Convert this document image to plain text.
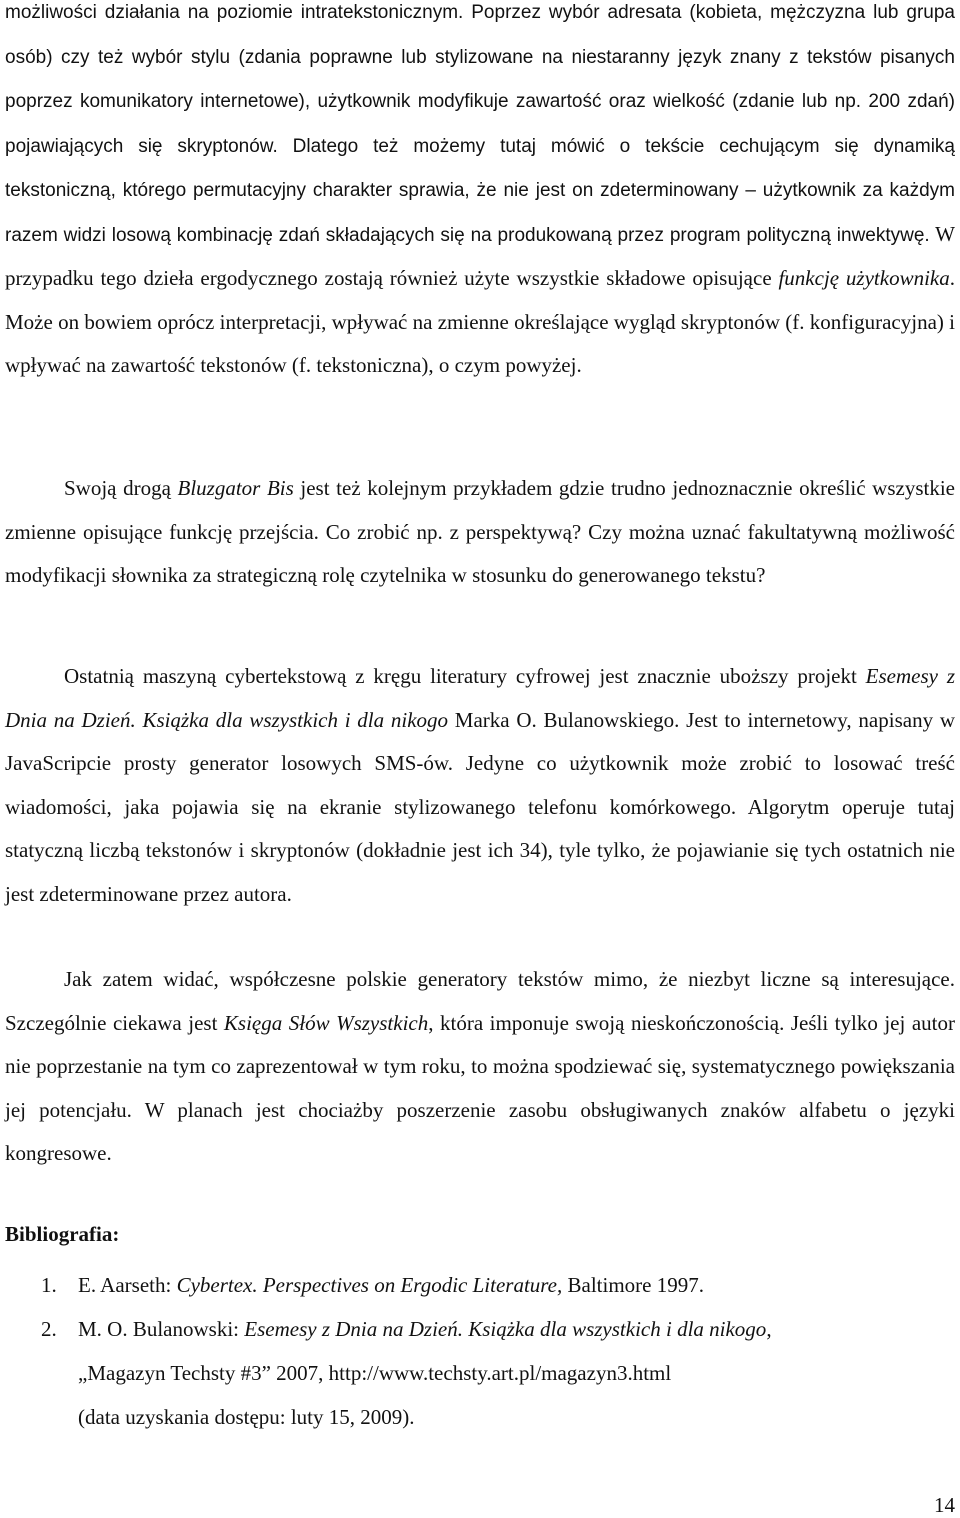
możliwości działania na poziomie intratekstonicznym. Poprzez wybór adresata (kobieta, mężczyzna lub grupa osób) czy też wybór stylu (zdania poprawne lub stylizowane na niestaranny język znany z tekstów pisanych poprzez komunikatory internetowe), użytkownik modyfikuje zawartość oraz wielkość (zdanie lub np. 200 zdań) pojawiających się skryptonów. Dlatego też możemy tutaj mówić o tekście cechującym się dynamiką tekstoniczną, którego permutacyjny charakter sprawia, że nie jest on zdeterminowany – użytkownik za każdym razem widzi losową kombinację zdań składających się na produkowaną przez program polityczną inwektywę. W przypadku tego dzieła ergodycznego zostają również użyte wszystkie składowe opisujące funkcję użytkownika. Może on bowiem oprócz interpretacji, wpływać na zmienne określające wygląd skryptonów (f. konfiguracyjna) i wpływać na zawartość tekstonów (f. tekstoniczna), o czym powyżej.

Swoją drogą Bluzgator Bis jest też kolejnym przykładem gdzie trudno jednoznacznie określić wszystkie zmienne opisujące funkcję przejścia. Co zrobić np. z perspektywą? Czy można uznać fakultatywną możliwość modyfikacji słownika za strategiczną rolę czytelnika w stosunku do generowanego tekstu?

Ostatnią maszyną cybertekstową z kręgu literatury cyfrowej jest znacznie uboższy projekt Esemesy z Dnia na Dzień. Książka dla wszystkich i dla nikogo Marka O. Bulanowskiego. Jest to internetowy, napisany w JavaScripcie prosty generator losowych SMS-ów. Jedyne co użytkownik może zrobić to losować treść wiadomości, jaka pojawia się na ekranie stylizowanego telefonu komórkowego. Algorytm operuje tutaj statyczną liczbą tekstonów i skryptonów (dokładnie jest ich 34), tyle tylko, że pojawianie się tych ostatnich nie jest zdeterminowane przez autora.

Jak zatem widać, współczesne polskie generatory tekstów mimo, że niezbyt liczne są interesujące. Szczególnie ciekawa jest Księga Słów Wszystkich, która imponuje swoją nieskończonością. Jeśli tylko jej autor nie poprzestanie na tym co zaprezentował w tym roku, to można spodziewać się, systematycznego powiększania jej potencjału. W planach jest chociażby poszerzenie zasobu obsługiwanych znaków alfabetu o języki kongresowe.

Bibliografia:
1. E. Aarseth: Cybertex. Perspectives on Ergodic Literature, Baltimore 1997.
2. M. O. Bulanowski: Esemesy z Dnia na Dzień. Książka dla wszystkich i dla nikogo,
„Magazyn Techsty #3” 2007, http://www.techsty.art.pl/magazyn3.html
(data uzyskania dostępu: luty 15, 2009).
14
